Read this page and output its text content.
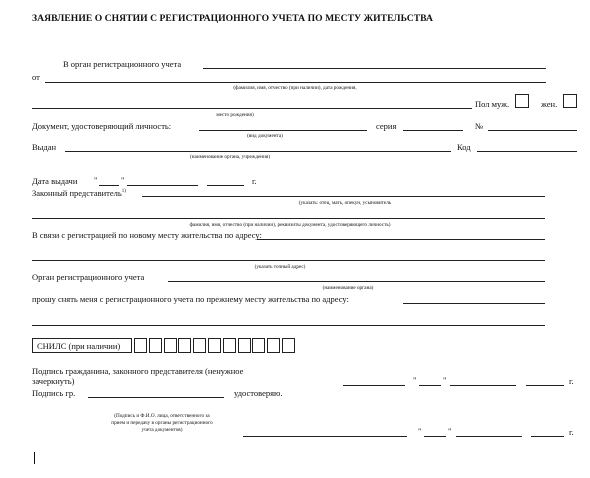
ЗАЯВЛЕНИЕ О СНЯТИИ С РЕГИСТРАЦИОННОГО УЧЕТА ПО МЕСТУ ЖИТЕЛЬСТВА
В орган регистрационного учета
от
(фамилия, имя, отчество (при наличии), дата рождения,
Пол муж.	жен.
место рождения)
Документ, удостоверяющий личность:	серия	№
(вид документа)
Выдан	Код
(наименование органа, учреждения)
Дата выдачи "	"	г.
Законный представитель$^{1)}$
(указать: отец, мать, опекун, усыновитель
фамилия, имя, отчество (при наличии), реквизиты документа, удостоверяющего личность)
В связи с регистрацией по новому месту жительства по адресу:
(указать точный адрес)
Орган регистрационного учета
(наименование органа)
прошу снять меня с регистрационного учета по прежнему месту жительства по адресу:
СНИЛС (при наличии)
Подпись гражданина, законного представителя (ненужное
зачеркнуть)	"	"	г.
Подпись гр.	удостоверяю.
(Подпись и Ф.И.О. лица, ответственного за
прием и передачу в органы регистрационного
учета документов)	"	"	г.
